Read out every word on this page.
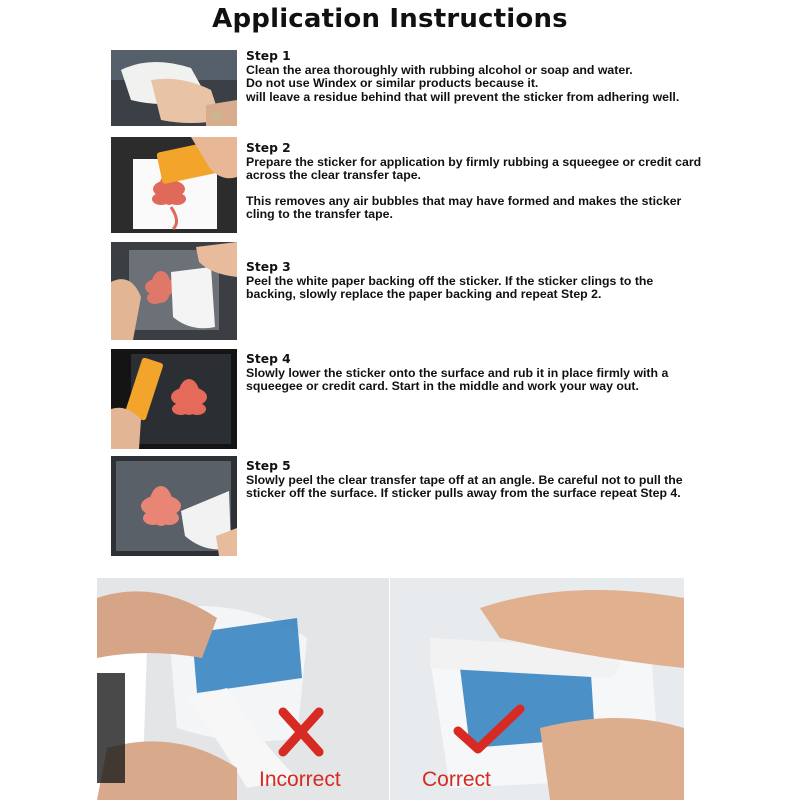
Application Instructions

Step 1

Clean the area thoroughly with rubbing alcohol or soap and water.

Do not use Windex or similar products because it.

will leave a residue behind that will prevent the sticker from adhering well.

Step 2

Prepare the sticker for application by firmly rubbing a squeegee or credit card across the clear transfer tape.

This removes any air bubbles that may have formed and makes the sticker cling to the transfer tape.

Step 3

Peel the white paper backing off the sticker. If the sticker clings to the backing, slowly replace the paper backing and repeat Step 2.

Step 4

Slowly lower the sticker onto the surface and rub it in place firmly with a squeegee or credit card. Start in the middle and work your way out.

Step 5

Slowly peel the clear transfer tape off at an angle. Be careful not to pull the sticker off the surface. If sticker pulls away from the surface repeat Step 4.

Incorrect	Correct
